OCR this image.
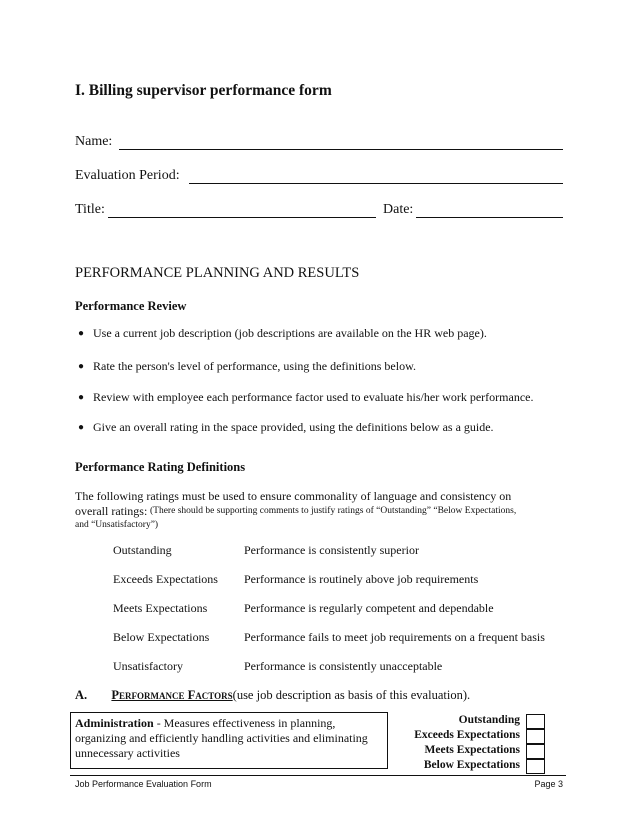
I. Billing supervisor performance form
Name:
Evaluation Period:
Title:	Date:
PERFORMANCE PLANNING AND RESULTS
Performance Review
● Use a current job description (job descriptions are available on the HR web page).
● Rate the person's level of performance, using the definitions below.
● Review with employee each performance factor used to evaluate his/her work performance.
● Give an overall rating in the space provided, using the definitions below as a guide.
Performance Rating Definitions
The following ratings must be used to ensure commonality of language and consistency on
overall ratings: (There should be supporting comments to justify ratings of “Outstanding” “Below Expectations,
and “Unsatisfactory”)
Outstanding	Performance is consistently superior
Exceeds Expectations Performance is routinely above job requirements
Meets Expectations	Performance is regularly competent and dependable
Below Expectations	Performance fails to meet job requirements on a frequent basis
Unsatisfactory	Performance is consistently unacceptable
A. Performance Factors(use job description as basis of this evaluation).
Administration - Measures effectiveness in planning,
organizing and efficiently handling activities and eliminating
unnecessary activities
Outstanding
Exceeds Expectations
Meets Expectations
Below Expectations
Job Performance Evaluation Form	Page 3
